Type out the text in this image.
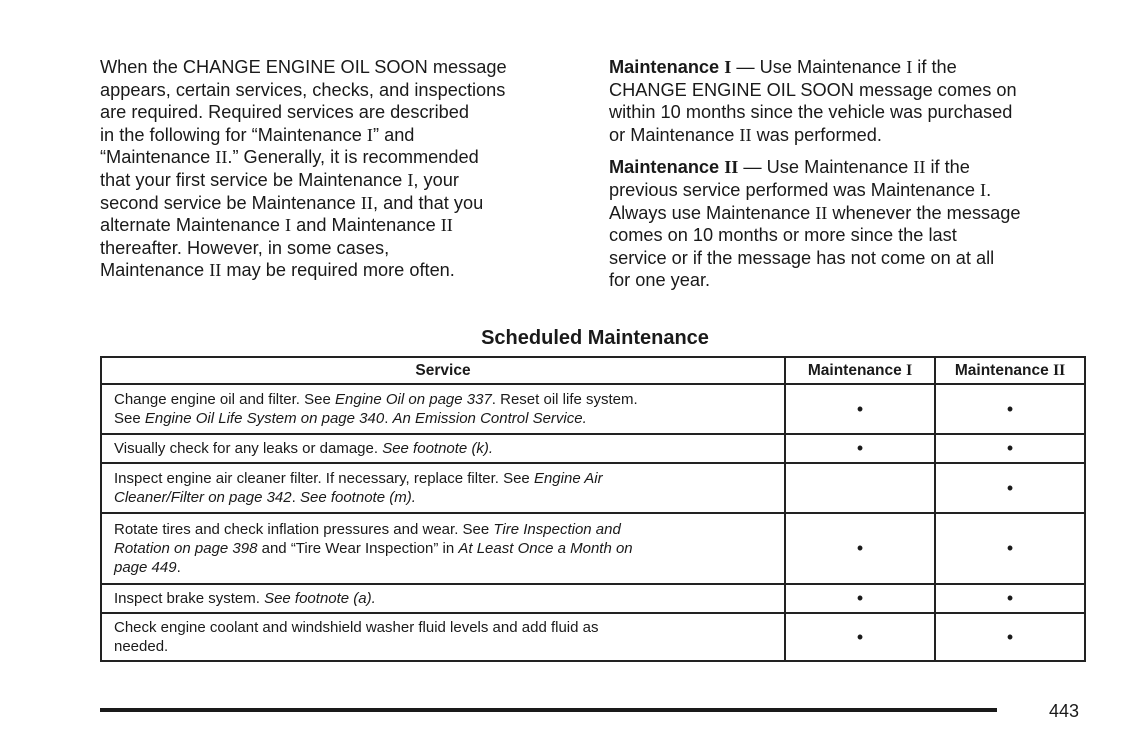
When the CHANGE ENGINE OIL SOON message
appears, certain services, checks, and inspections
are required. Required services are described
in the following for “Maintenance I” and
“Maintenance II.” Generally, it is recommended
that your first service be Maintenance I, your
second service be Maintenance II, and that you
alternate Maintenance I and Maintenance II
thereafter. However, in some cases,
Maintenance II may be required more often.

Maintenance I — Use Maintenance I if the
CHANGE ENGINE OIL SOON message comes on
within 10 months since the vehicle was purchased
or Maintenance II was performed.

Maintenance II — Use Maintenance II if the
previous service performed was Maintenance I.
Always use Maintenance II whenever the message
comes on 10 months or more since the last
service or if the message has not come on at all
for one year.

Scheduled Maintenance
Service	Maintenance I	Maintenance II
Change engine oil and filter. See Engine Oil on page 337. Reset oil life system.
See Engine Oil Life System on page 340. An Emission Control Service.	•	•
Visually check for any leaks or damage. See footnote (k).	•	•
Inspect engine air cleaner filter. If necessary, replace filter. See Engine Air
Cleaner/Filter on page 342. See footnote (m).		•
Rotate tires and check inflation pressures and wear. See Tire Inspection and
Rotation on page 398 and “Tire Wear Inspection” in At Least Once a Month on
page 449.	•	•
Inspect brake system. See footnote (a).	•	•
Check engine coolant and windshield washer fluid levels and add fluid as
needed.	•	•
443
